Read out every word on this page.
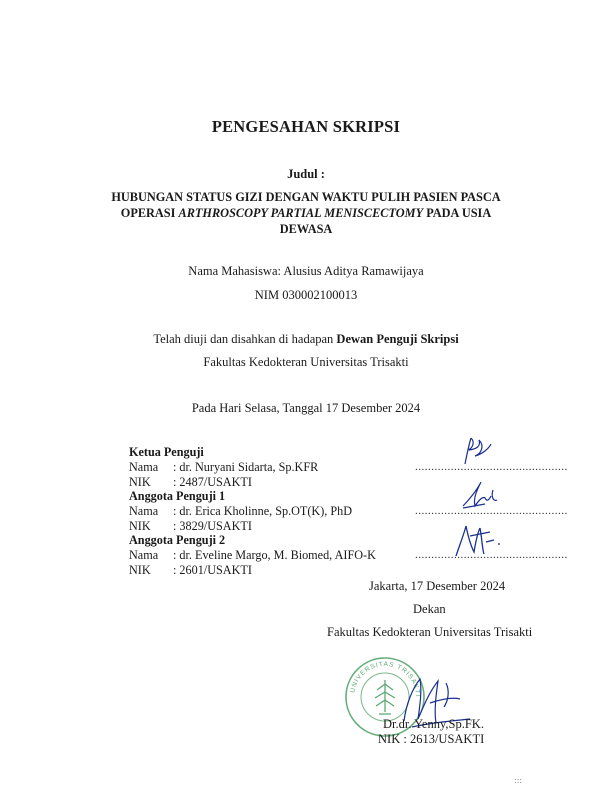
PENGESAHAN SKRIPSI
Judul :
HUBUNGAN STATUS GIZI DENGAN WAKTU PULIH PASIEN PASCA
OPERASI ARTHROSCOPY PARTIAL MENISCECTOMY PADA USIA
DEWASA
Nama Mahasiswa: Alusius Aditya Ramawijaya
NIM 030002100013
Telah diuji dan disahkan di hadapan Dewan Penguji Skripsi
Fakultas Kedokteran Universitas Trisakti
Pada Hari Selasa, Tanggal 17 Desember 2024
Ketua Penguji
Nama : dr. Nuryani Sidarta, Sp.KFR
NIK : 2487/USAKTI
...............................................
Anggota Penguji 1
Nama : dr. Erica Kholinne, Sp.OT(K), PhD
NIK : 3829/USAKTI
...............................................
Anggota Penguji 2
Nama : dr. Eveline Margo, M. Biomed, AIFO-K
NIK : 2601/USAKTI
...............................................
Jakarta, 17 Desember 2024
Dekan
Fakultas Kedokteran Universitas Trisakti
UNIVERSITAS TRISAKTI
Dr.dr. Yenny,Sp.FK.
NIK : 2613/USAKTI
:::
